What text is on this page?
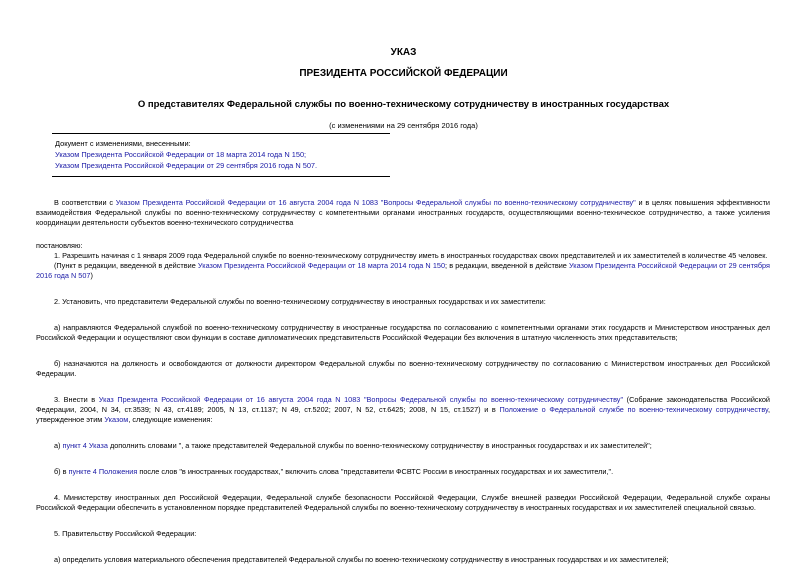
УКАЗ
ПРЕЗИДЕНТА РОССИЙСКОЙ ФЕДЕРАЦИИ
О представителях Федеральной службы по военно-техническому сотрудничеству в иностранных государствах
(с изменениями на 29 сентября 2016 года)
Документ с изменениями, внесенными:
Указом Президента Российской Федерации от 18 марта 2014 года N 150;
Указом Президента Российской Федерации от 29 сентября 2016 года N 507.

В соответствии с Указом Президента Российской Федерации от 16 августа 2004 года N 1083 "Вопросы Федеральной службы по военно-техническому сотрудничеству" и в целях повышения эффективности взаимодействия Федеральной службы по военно-техническому сотрудничеству с компетентными органами иностранных государств, осуществляющими военно-техническое сотрудничество, а также усиления координации деятельности субъектов военно-технического сотрудничества

постановляю:

1. Разрешить начиная с 1 января 2009 года Федеральной службе по военно-техническому сотрудничеству иметь в иностранных государствах своих представителей и их заместителей в количестве 45 человек.

(Пункт в редакции, введенной в действие Указом Президента Российской Федерации от 18 марта 2014 года N 150; в редакции, введенной в действие Указом Президента Российской Федерации от 29 сентября 2016 года N 507)

2. Установить, что представители Федеральной службы по военно-техническому сотрудничеству в иностранных государствах и их заместители:

а) направляются Федеральной службой по военно-техническому сотрудничеству в иностранные государства по согласованию с компетентными органами этих государств и Министерством иностранных дел Российской Федерации и осуществляют свои функции в составе дипломатических представительств Российской Федерации без включения в штатную численность этих представительств;

б) назначаются на должность и освобождаются от должности директором Федеральной службы по военно-техническому сотрудничеству по согласованию с Министерством иностранных дел Российской Федерации.

3. Внести в Указ Президента Российской Федерации от 16 августа 2004 года N 1083 "Вопросы Федеральной службы по военно-техническому сотрудничеству" (Собрание законодательства Российской Федерации, 2004, N 34, ст.3539; N 43, ст.4189; 2005, N 13, ст.1137; N 49, ст.5202; 2007, N 52, ст.6425; 2008, N 15, ст.1527) и в Положение о Федеральной службе по военно-техническому сотрудничеству, утвержденное этим Указом, следующие изменения:

а) пункт 4 Указа дополнить словами ", а также представителей Федеральной службы по военно-техническому сотрудничеству в иностранных государствах и их заместителей";

б) в пункте 4 Положения после слов "в иностранных государствах," включить слова "представители ФСВТС России в иностранных государствах и их заместители,".

4. Министерству иностранных дел Российской Федерации, Федеральной службе безопасности Российской Федерации, Службе внешней разведки Российской Федерации, Федеральной службе охраны Российской Федерации обеспечить в установленном порядке представителей Федеральной службы по военно-техническому сотрудничеству в иностранных государствах и их заместителей специальной связью.

5. Правительству Российской Федерации:

а) определить условия материального обеспечения представителей Федеральной службы по военно-техническому сотрудничеству в иностранных государствах и их заместителей;
